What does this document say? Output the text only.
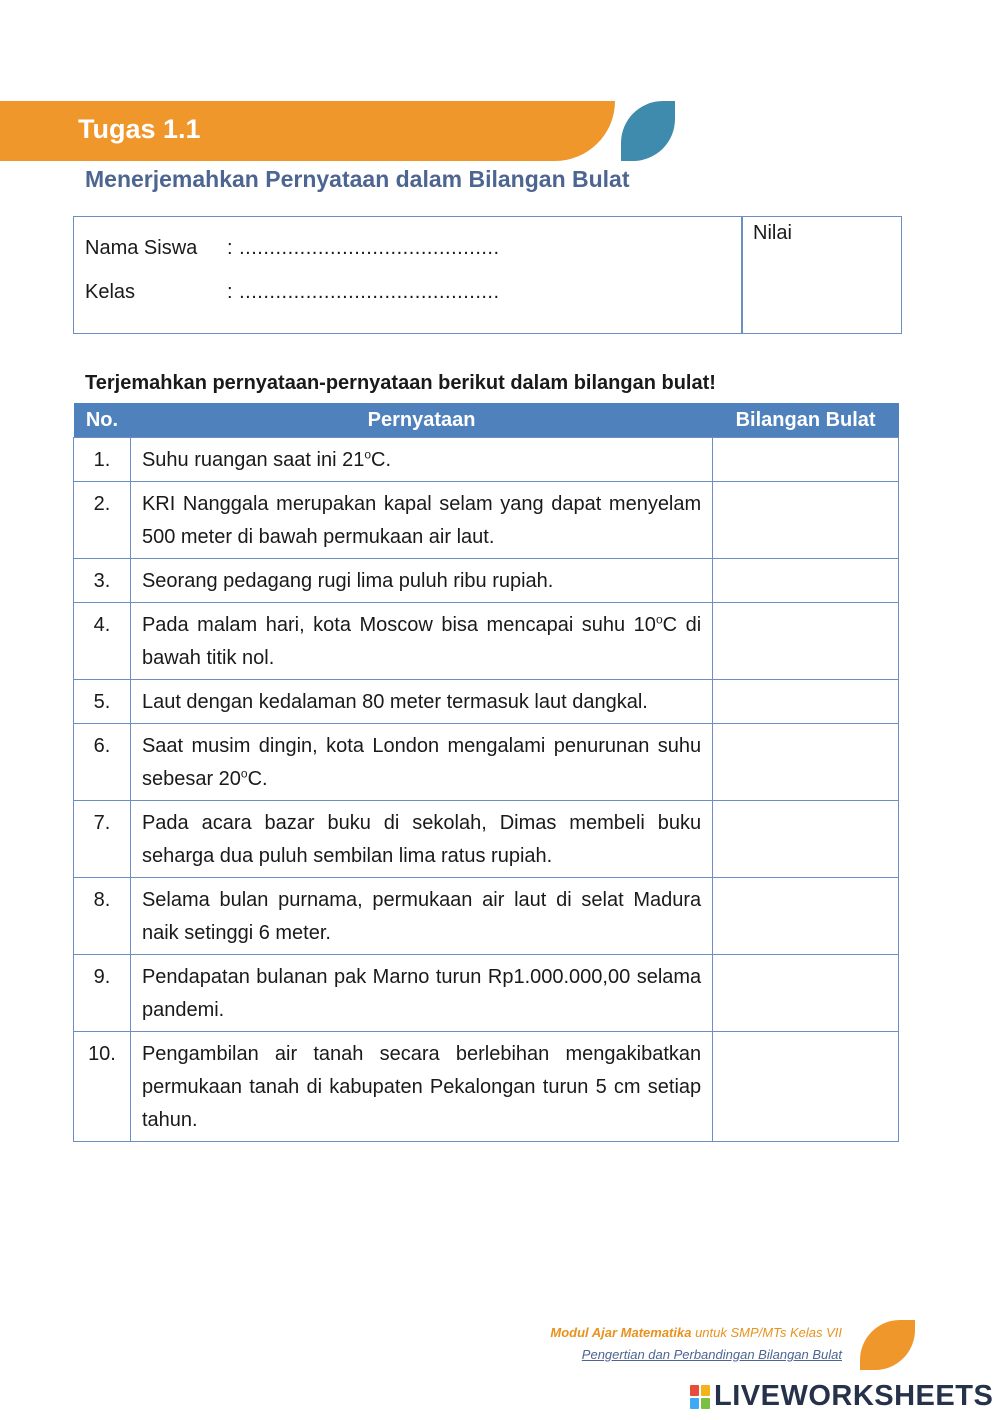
Tugas 1.1
Menerjemahkan Pernyataan dalam Bilangan Bulat
Nama Siswa : ...........................................
Kelas	: ...........................................
Nilai
Terjemahkan pernyataan-pernyataan berikut dalam bilangan bulat!
No.	Pernyataan	Bilangan Bulat
1.	Suhu ruangan saat ini 21$^o$C.	
2.	KRI Nanggala merupakan kapal selam yang dapat menyelam 500 meter di bawah permukaan air laut.	
3.	Seorang pedagang rugi lima puluh ribu rupiah.	
4.	Pada malam hari, kota Moscow bisa mencapai suhu 10$^o$C di bawah titik nol.	
5.	Laut dengan kedalaman 80 meter termasuk laut dangkal.	
6.	Saat musim dingin, kota London mengalami penurunan suhu sebesar 20$^o$C.	
7.	Pada acara bazar buku di sekolah, Dimas membeli buku seharga dua puluh sembilan lima ratus rupiah.	
8.	Selama bulan purnama, permukaan air laut di selat Madura naik setinggi 6 meter.	
9.	Pendapatan bulanan pak Marno turun Rp1.000.000,00 selama pandemi.	
10.	Pengambilan air tanah secara berlebihan mengakibatkan permukaan tanah di kabupaten Pekalongan turun 5 cm setiap tahun.	
Modul Ajar Matematika untuk SMP/MTs Kelas VII
Pengertian dan Perbandingan Bilangan Bulat
LIVEWORKSHEETS
